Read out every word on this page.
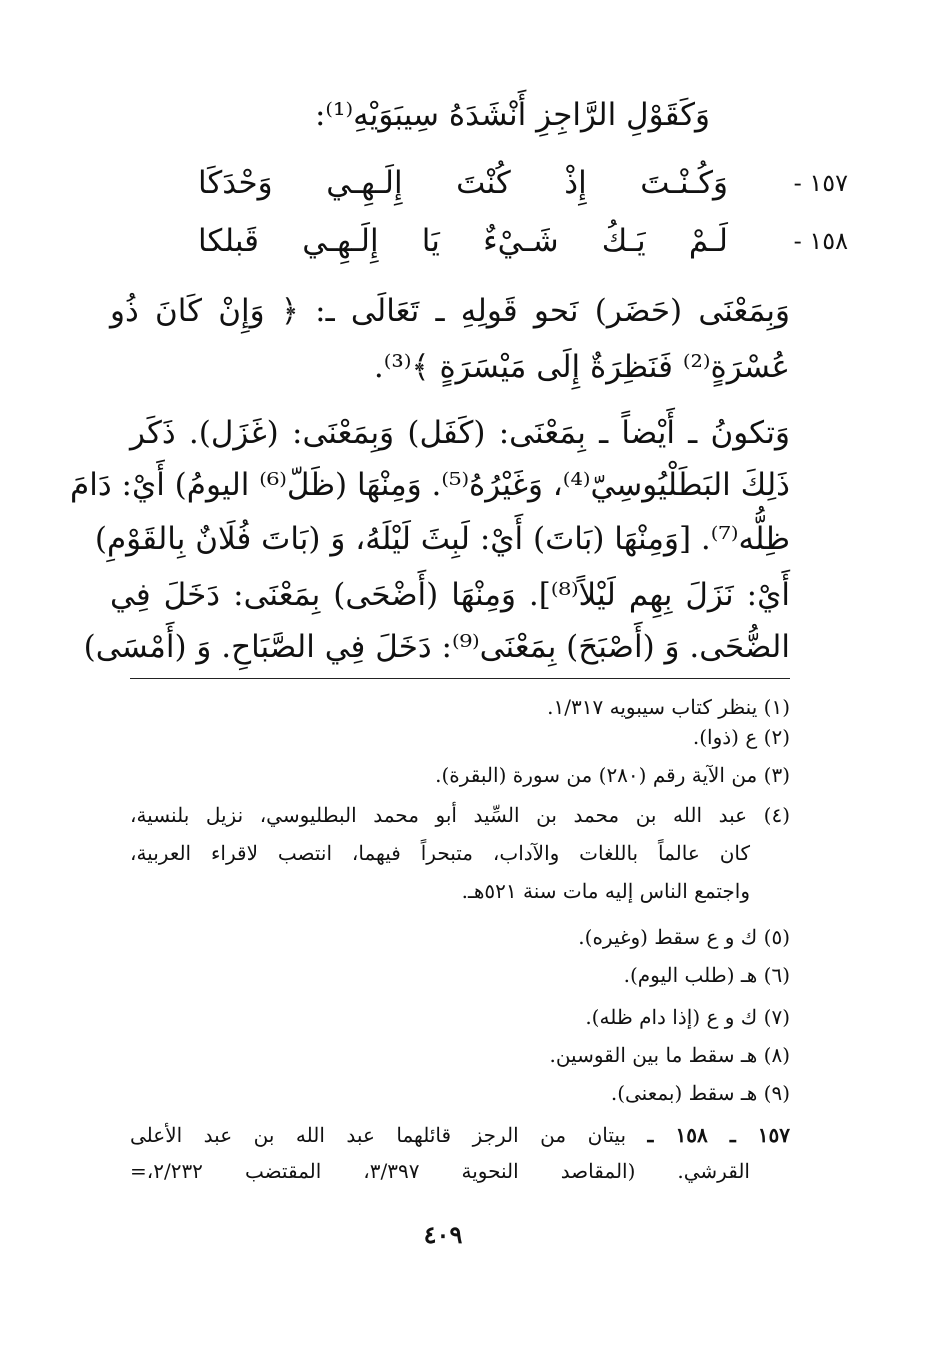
وَكَقَوْلِ الرَّاجِزِ أَنْشَدَهُ سِيبَوَيْهِ⁽¹⁾:
١٥٧ -
وَكُـنْـتَ إِذْ كُنْتَ إِلَـهِـي وَحْدَكَا
١٥٨ -
لَـمْ يَـكُ شَـيْءٌ يَا إِلَـهِـي قَبلكا
وَبِمَعْنَى (حَضَر) نَحو قَولِهِ ـ تَعَالَى ـ: ﴿ وَإِنْ كَانَ ذُو
عُسْرَةٍ⁽²⁾ فَنَظِرَةٌ إِلَى مَيْسَرَةٍ ﴾⁽³⁾.
وَتكونُ ـ أَيْضاً ـ بِمَعْنَى: (كَفَل) وَبِمَعْنَى: (غَزَل). ذَكَر
ذَلِكَ البَطَلْيُوسِيّ⁽⁴⁾، وَغَيْرُهُ⁽⁵⁾. وَمِنْهَا (ظَلّ⁽⁶⁾ اليومُ) أَيْ: دَامَ
ظِلُّه⁽⁷⁾. [وَمِنْهَا (بَاتَ) أَيْ: لَبِثَ لَيْلَهُ، وَ (بَاتَ فُلَانٌ بِالقَوْمِ)
أَيْ: نَزَلَ بِهِم لَيْلاً⁽⁸⁾]. وَمِنْهَا (أَضْحَى) بِمَعْنَى: دَخَلَ فِي
الضُّحَى. وَ (أَصْبَحَ) بِمَعْنَى⁽⁹⁾: دَخَلَ فِي الصَّبَاحِ. وَ (أَمْسَى)
(١) ينظر كتاب سيبويه ١/٣١٧.
(٢) ع (ذوا).
(٣) من الآية رقم (٢٨٠) من سورة (البقرة).
(٤) عبد الله بن محمد بن السِّيد أبو محمد البطليوسي، نزيل بلنسية،
كان عالماً باللغات والآداب، متبحراً فيهما، انتصب لاقراء العربية،
واجتمع الناس إليه مات سنة ٥٢١هـ.
(٥) ك و ع سقط (وغيره).
(٦) هـ (طلب اليوم).
(٧) ك و ع (إذا دام ظله).
(٨) هـ سقط ما بين القوسين.
(٩) هـ سقط (بمعنى).
١٥٧ ـ ١٥٨ ـ بيتان من الرجز قائلهما عبد الله بن عبد الأعلى
القرشي. (المقاصد النحوية ٣/٣٩٧، المقتضب ٢/٢٣٢،=
٤٠٩
